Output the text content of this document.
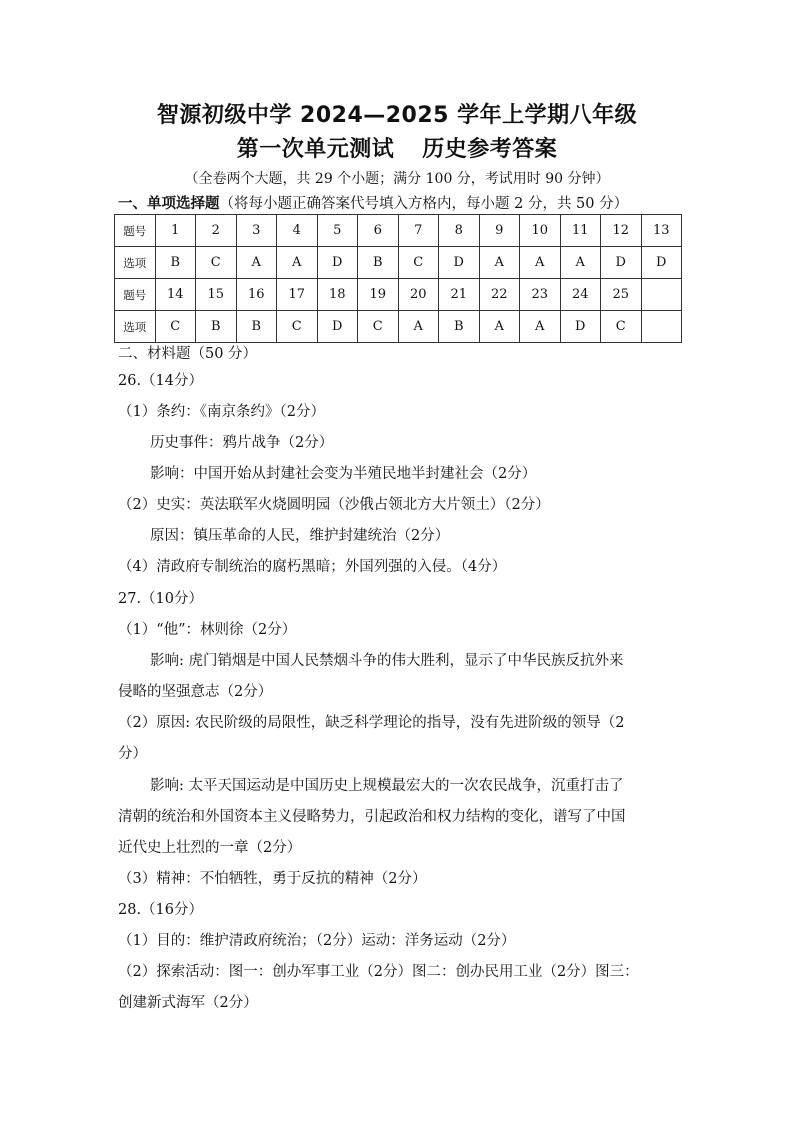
智源初级中学 2024—2025 学年上学期八年级
第一次单元测试 历史参考答案
（全卷两个大题，共 29 个小题；满分 100 分，考试用时 90 分钟）
一、单项选择题（将每小题正确答案代号填入方格内，每小题 2 分，共 50 分）
题号	1	2	3	4	5	6	7	8	9	10	11	12	13
选项	B	C	A	A	D	B	C	D	A	A	A	D	D
题号	14	15	16	17	18	19	20	21	22	23	24	25	
选项	C	B	B	C	D	C	A	B	A	A	D	C	
二、材料题（50 分）
26.（14分）
（1）条约：《南京条约》（2分）
历史事件：鸦片战争（2分）
影响：中国开始从封建社会变为半殖民地半封建社会（2分）
（2）史实：英法联军火烧圆明园（沙俄占领北方大片领土）（2分）
原因：镇压革命的人民，维护封建统治（2分）
（4）清政府专制统治的腐朽黑暗；外国列强的入侵。（4分）
27.（10分）
（1）“他”：林则徐（2分）
影响: 虎门销烟是中国人民禁烟斗争的伟大胜利，显示了中华民族反抗外来
侵略的坚强意志（2分）
（2）原因: 农民阶级的局限性，缺乏科学理论的指导，没有先进阶级的领导（2
分）
影响: 太平天国运动是中国历史上规模最宏大的一次农民战争，沉重打击了
清朝的统治和外国资本主义侵略势力，引起政治和权力结构的变化，谱写了中国
近代史上壮烈的一章（2分）
（3）精神：不怕牺牲，勇于反抗的精神（2分）
28.（16分）
（1）目的：维护清政府统治；（2分）运动：洋务运动（2分）
（2）探索活动：图一：创办军事工业（2分）图二：创办民用工业（2分）图三：
创建新式海军（2分）
